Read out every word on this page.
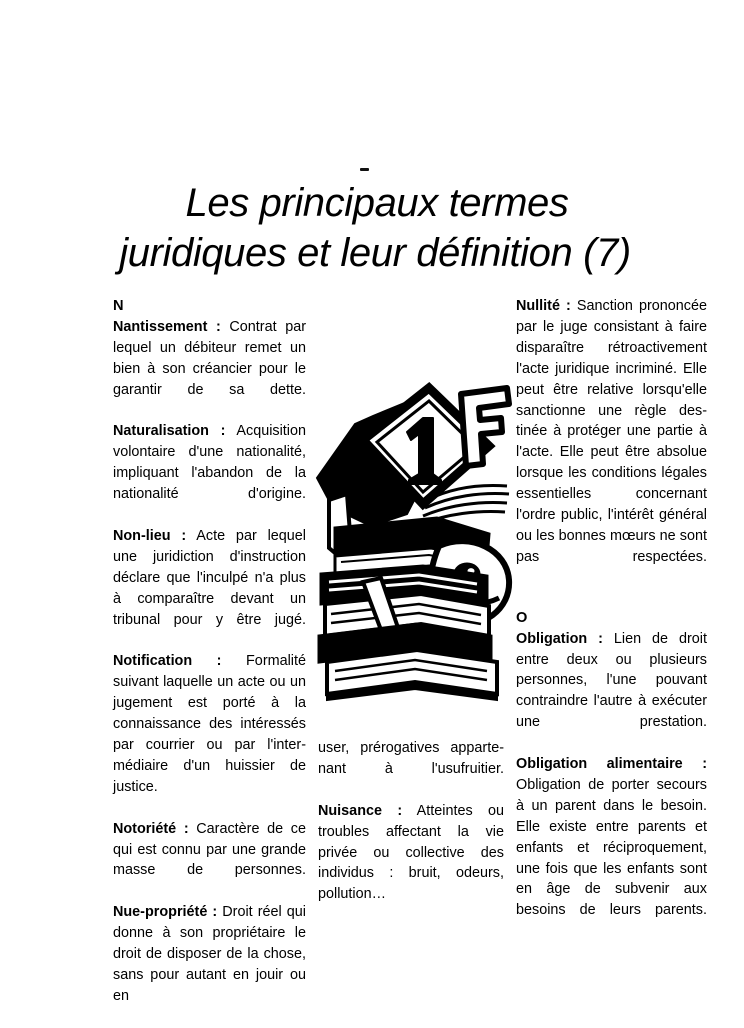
Les principaux termes
juridiques et leur définition (7)

N

Nantissement : Contrat par lequel un débiteur remet un bien à son créancier pour le garantir de sa dette.

Naturalisation : Acquisition volontaire d'une nationalité, impliquant l'abandon de la nationalité d'origine.

Non-lieu : Acte par lequel une juridiction d'instruction déclare que l'inculpé n'a plus à comparaître devant un tribunal pour y être jugé.

Notification : Formalité suivant laquelle un acte ou un jugement est porté à la connaissance des intéressés par courrier ou par l'intermédiaire d'un huissier de justice.

Notoriété : Caractère de ce qui est connu par une grande masse de personnes.

Nue-propriété : Droit réel qui donne à son propriétaire le droit de disposer de la chose, sans pour autant en jouir ou en

user, prérogatives appartenant à l'usufruitier.

Nuisance : Atteintes ou troubles affectant la vie privée ou collective des individus : bruit, odeurs, pollution…

Nullité : Sanction prononcée par le juge consistant à faire disparaître rétroactivement l'acte juridique incriminé. Elle peut être relative lorsqu'elle sanctionne une règle destinée à protéger une partie à l'acte. Elle peut être absolue lorsque les conditions légales essentielles concernant l'ordre public, l'intérêt général ou les bonnes mœurs ne sont pas respectées.

O

Obligation : Lien de droit entre deux ou plusieurs personnes, l'une pouvant contraindre l'autre à exécuter une prestation.

Obligation alimentaire : Obligation de porter secours à un parent dans le besoin. Elle existe entre parents et enfants et réciproquement, une fois que les enfants sont en âge de subvenir aux besoins de leurs parents.
